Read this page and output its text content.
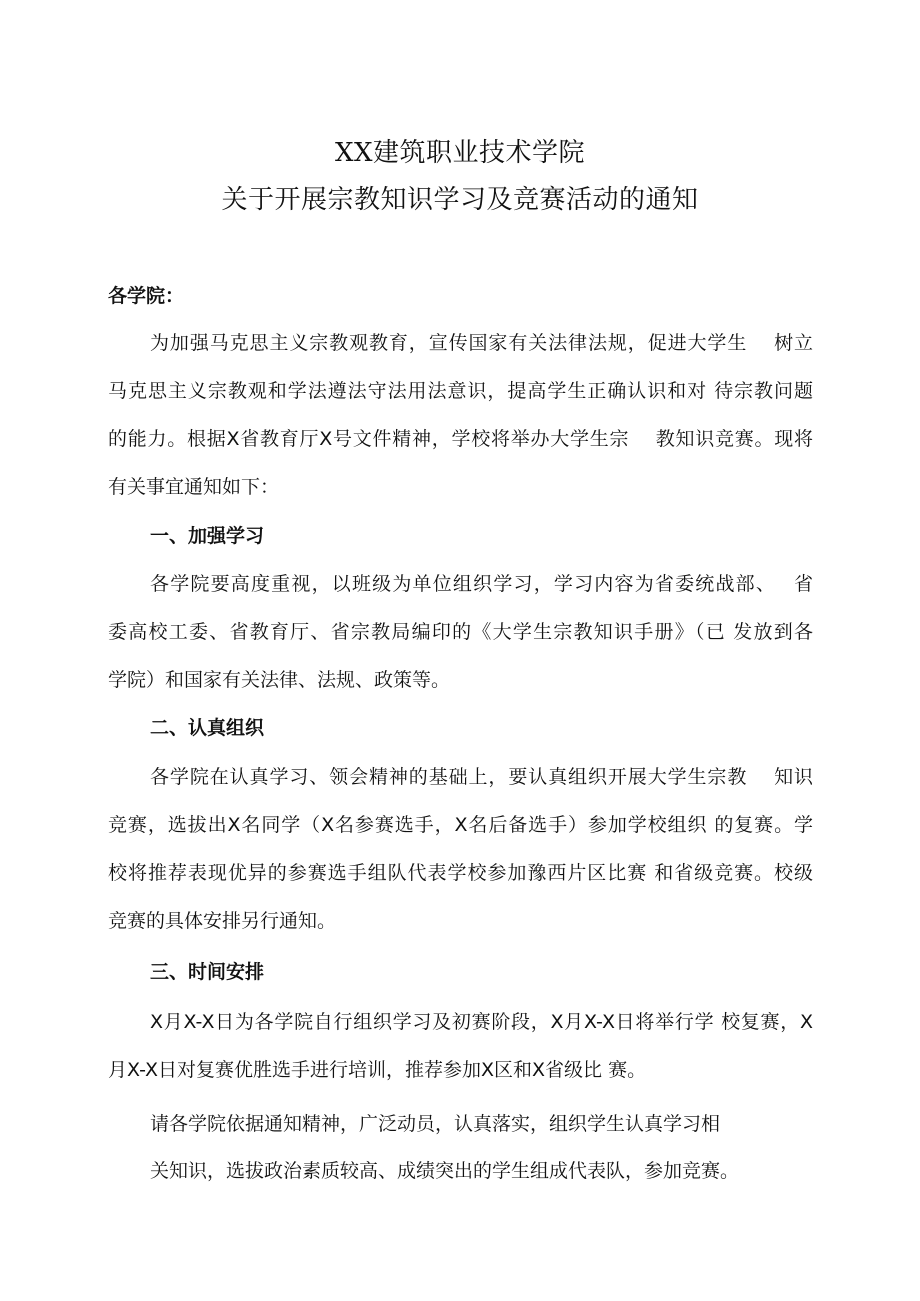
XX建筑职业技术学院
关于开展宗教知识学习及竞赛活动的通知

各学院：

为加强马克思主义宗教观教育，宣传国家有关法律法规，促进大学生　 树立

马克思主义宗教观和学法遵法守法用法意识，提高学生正确认识和对 待宗教问题

的能力。根据X省教育厅X号文件精神，学校将举办大学生宗　 教知识竞赛。现将

有关事宜通知如下：

一、加强学习

各学院要高度重视，以班级为单位组织学习，学习内容为省委统战部、　 省

委高校工委、省教育厅、省宗教局编印的《大学生宗教知识手册》（已 发放到各

学院）和国家有关法律、法规、政策等。

二、认真组织

各学院在认真学习、领会精神的基础上，要认真组织开展大学生宗教　 知识

竞赛，选拔出X名同学（X名参赛选手，X名后备选手）参加学校组织 的复赛。学

校将推荐表现优异的参赛选手组队代表学校参加豫西片区比赛 和省级竞赛。校级

竞赛的具体安排另行通知。

三、时间安排

X月X-X日为各学院自行组织学习及初赛阶段，X月X-X日将举行学 校复赛，X

月X-X日对复赛优胜选手进行培训，推荐参加X区和X省级比 赛。

请各学院依据通知精神，广泛动员，认真落实，组织学生认真学习相

关知识，选拔政治素质较高、成绩突出的学生组成代表队，参加竞赛。
